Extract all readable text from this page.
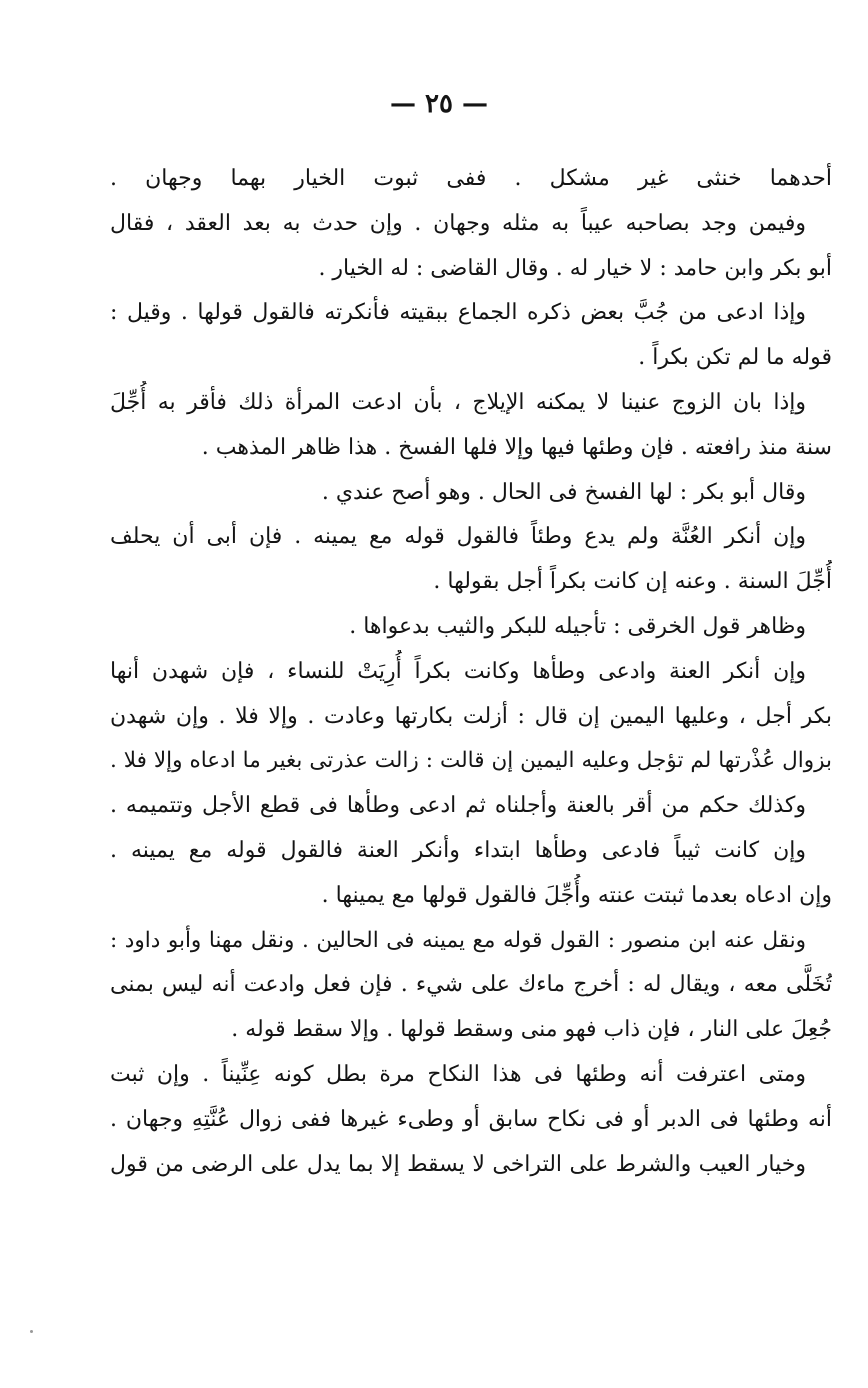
— ٢٥ —
أحدهما خنثى غير مشكل . ففى ثبوت الخيار بهما وجهان .
وفيمن وجد بصاحبه عيباً به مثله وجهان . وإن حدث به بعد العقد ، فقال
أبو بكر وابن حامد : لا خيار له . وقال القاضى : له الخيار .
وإذا ادعى من جُبَّ بعض ذكره الجماع ببقيته فأنكرته فالقول قولها . وقيل :
قوله ما لم تكن بكراً .
وإذا بان الزوج عنينا لا يمكنه الإيلاج ، بأن ادعت المرأة ذلك فأقر به أُجِّلَ
سنة منذ رافعته . فإن وطئها فيها وإلا فلها الفسخ . هذا ظاهر المذهب .
وقال أبو بكر : لها الفسخ فى الحال . وهو أصح عندي .
وإن أنكر العُنَّة ولم يدع وطئاً فالقول قوله مع يمينه . فإن أبى أن يحلف
أُجِّلَ السنة . وعنه إن كانت بكراً أجل بقولها .
وظاهر قول الخرقى : تأجيله للبكر والثيب بدعواها .
وإن أنكر العنة وادعى وطأها وكانت بكراً أُرِيَتْ للنساء ، فإن شهدن أنها
بكر أجل ، وعليها اليمين إن قال : أزلت بكارتها وعادت . وإلا فلا . وإن شهدن
بزوال عُذْرتها لم تؤجل وعليه اليمين إن قالت : زالت عذرتى بغير ما ادعاه وإلا فلا .
وكذلك حكم من أقر بالعنة وأجلناه ثم ادعى وطأها فى قطع الأجل وتتميمه .
وإن كانت ثيباً فادعى وطأها ابتداء وأنكر العنة فالقول قوله مع يمينه .
وإن ادعاه بعدما ثبتت عنته وأُجِّلَ فالقول قولها مع يمينها .
ونقل عنه ابن منصور : القول قوله مع يمينه فى الحالين . ونقل مهنا وأبو داود :
تُخَلَّى معه ، ويقال له : أخرج ماءك على شيء . فإن فعل وادعت أنه ليس بمنى
جُعِلَ على النار ، فإن ذاب فهو منى وسقط قولها . وإلا سقط قوله .
ومتى اعترفت أنه وطئها فى هذا النكاح مرة بطل كونه عِنِّيناً . وإن ثبت
أنه وطئها فى الدبر أو فى نكاح سابق أو وطىء غيرها ففى زوال عُنَّتِهِ وجهان .
وخيار العيب والشرط على التراخى لا يسقط إلا بما يدل على الرضى من قول
